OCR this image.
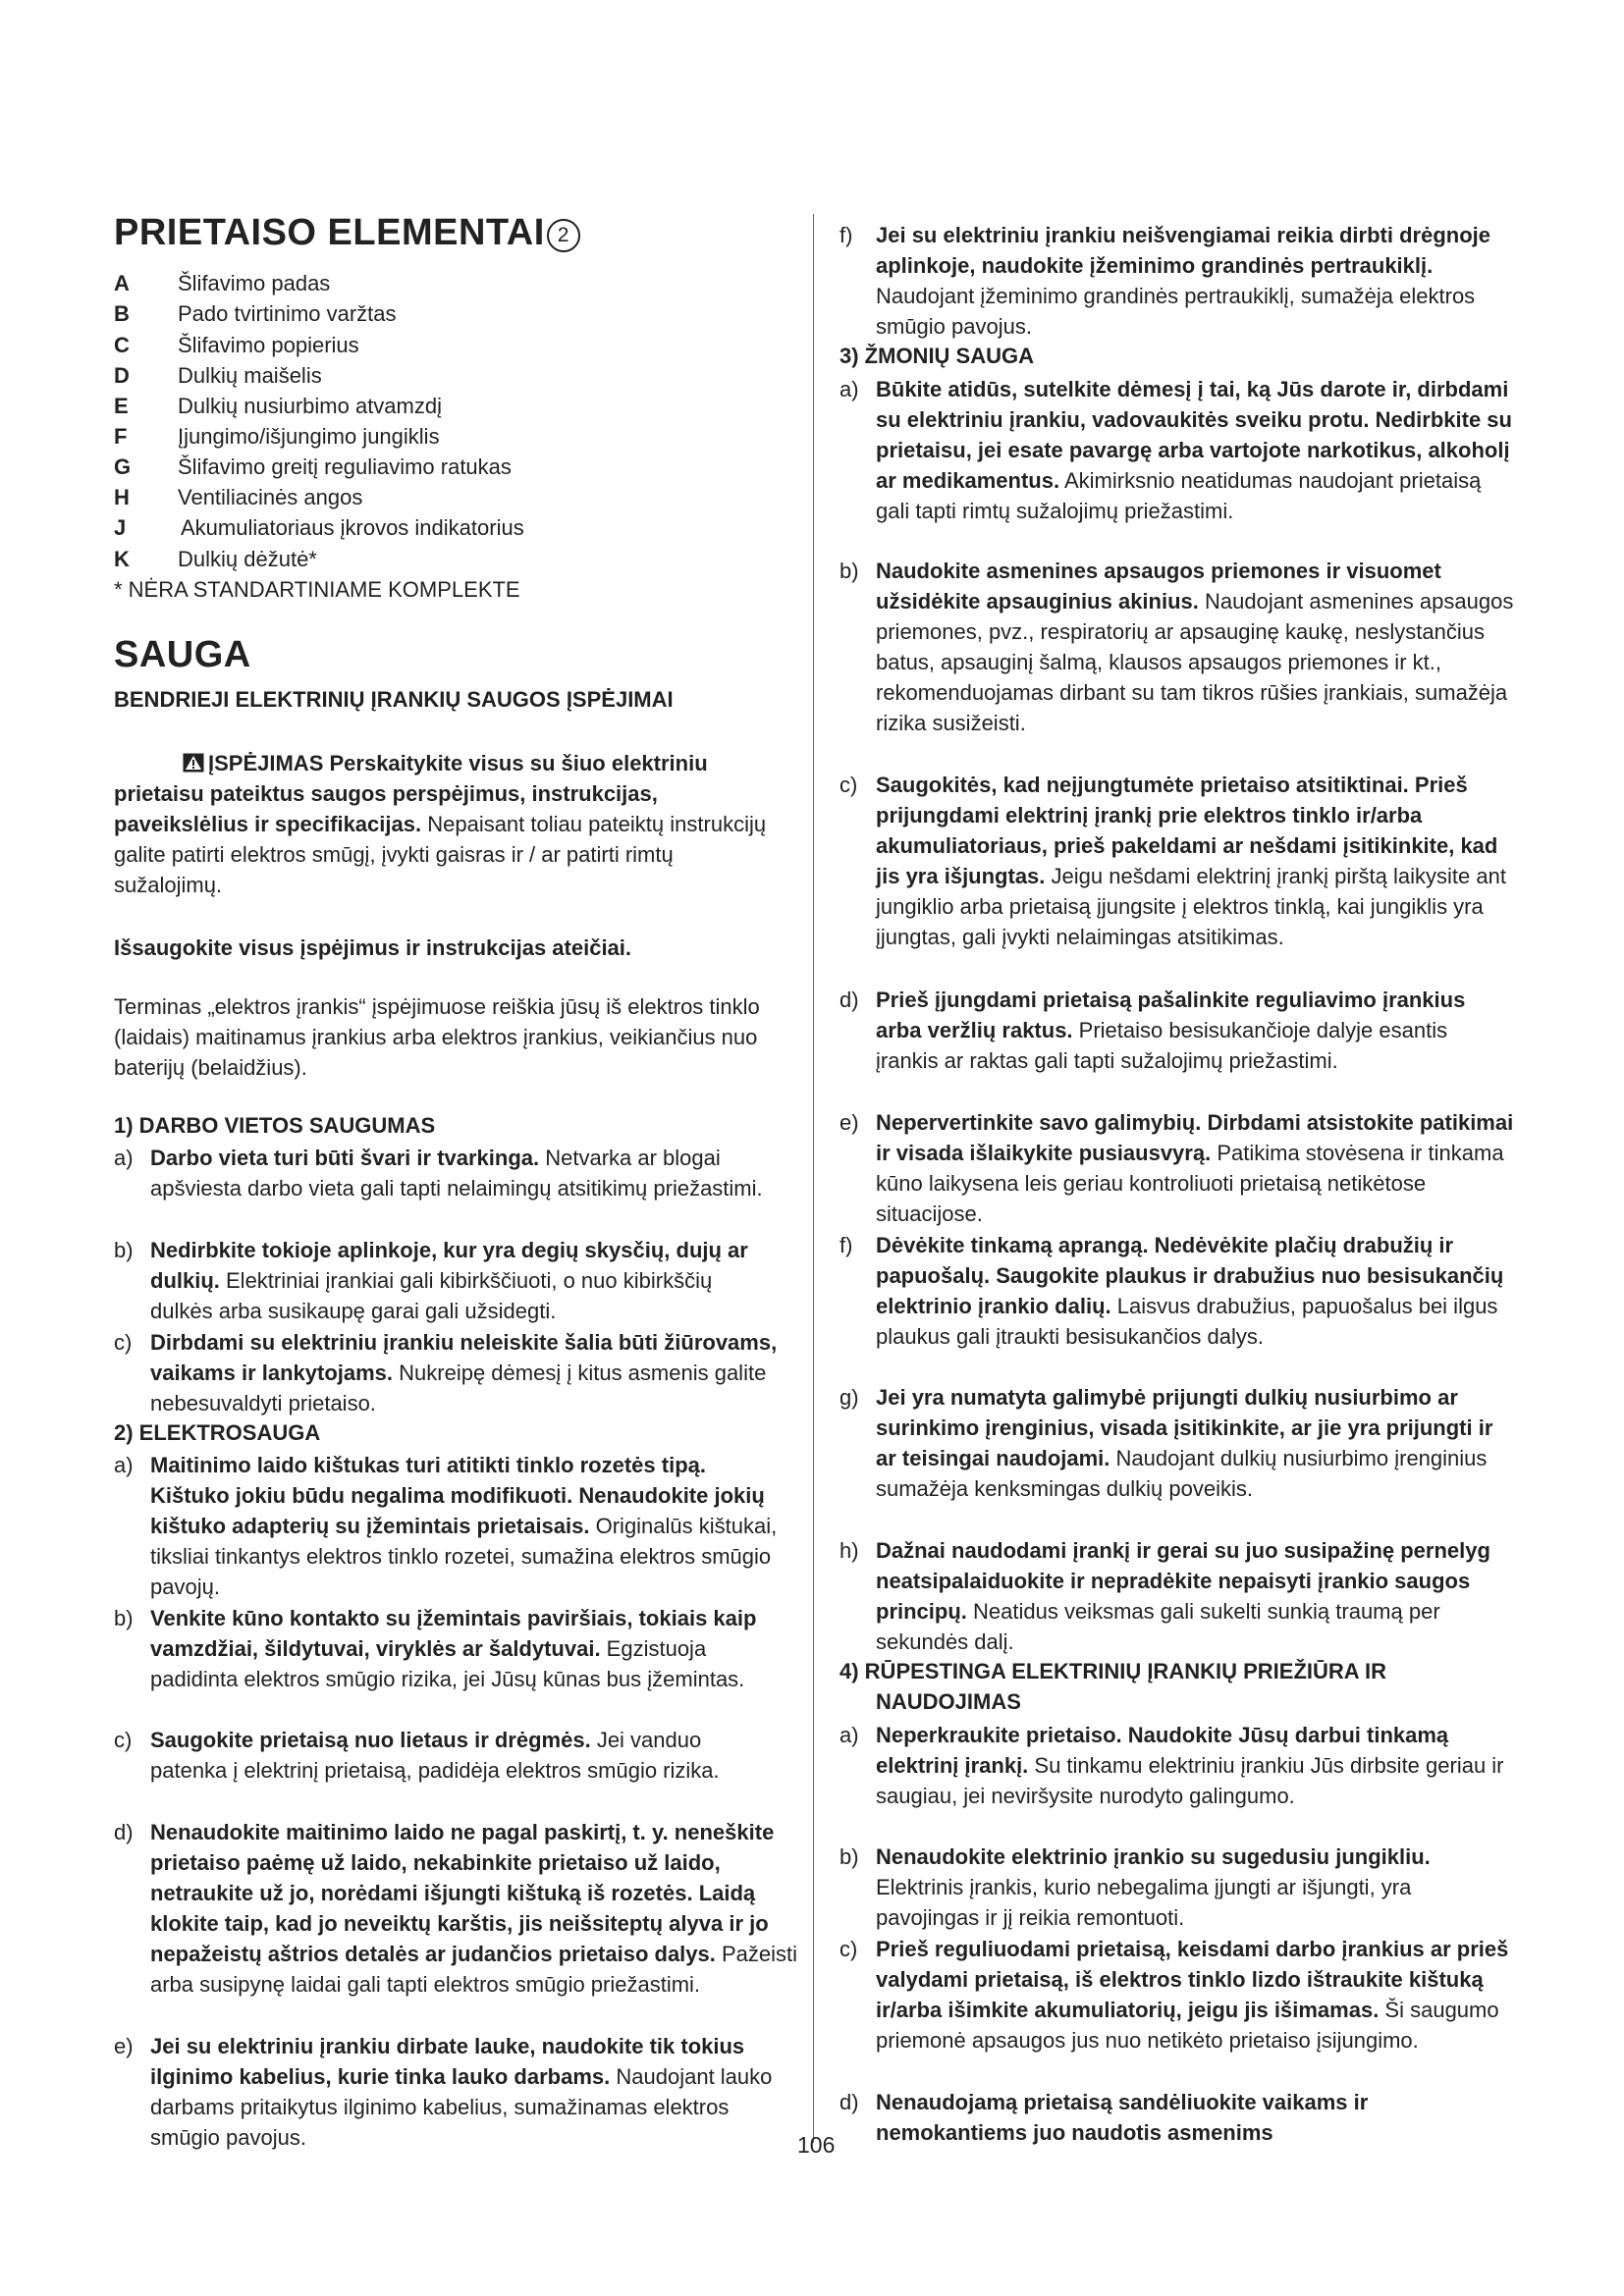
PRIETAISO ELEMENTAI 2
A Šlifavimo padas
B Pado tvirtinimo varžtas
C Šlifavimo popierius
D Dulkių maišelis
E Dulkių nusiurbimo atvamzdį
F Įjungimo/išjungimo jungiklis
G Šlifavimo greitį reguliavimo ratukas
H Ventiliacinės angos
J	Akumuliatoriaus įkrovos indikatorius
K Dulkių dėžutė*
* NĖRA STANDARTINIAME KOMPLEKTE
SAUGA
BENDRIEJI ELEKTRINIŲ ĮRANKIŲ SAUGOS ĮSPĖJIMAI
ĮSPĖJIMAS Perskaitykite visus su šiuo elektriniu prietaisu pateiktus saugos perspėjimus, instrukcijas, paveikslėlius ir specifikacijas. Nepaisant toliau pateiktų instrukcijų galite patirti elektros smūgį, įvykti gaisras ir / ar patirti rimtų sužalojimų.
Išsaugokite visus įspėjimus ir instrukcijas ateičiai.
Terminas „elektros įrankis“ įspėjimuose reiškia jūsų iš elektros tinklo (laidais) maitinamus įrankius arba elektros įrankius, veikiančius nuo baterijų (belaidžius).
1) DARBO VIETOS SAUGUMAS
a) Darbo vieta turi būti švari ir tvarkinga. Netvarka ar blogai apšviesta darbo vieta gali tapti nelaimingų atsitikimų priežastimi.
b) Nedirbkite tokioje aplinkoje, kur yra degių skysčių, dujų ar dulkių. Elektriniai įrankiai gali kibirkščiuoti, o nuo kibirkščių dulkės arba susikaupę garai gali užsidegti.
c) Dirbdami su elektriniu įrankiu neleiskite šalia būti žiūrovams, vaikams ir lankytojams. Nukreipę dėmesį į kitus asmenis galite nebesuvaldyti prietaiso.
2) ELEKTROSAUGA
a) Maitinimo laido kištukas turi atitikti tinklo rozetės tipą. Kištuko jokiu būdu negalima modifikuoti. Nenaudokite jokių kištuko adapterių su įžemintais prietaisais. Originalūs kištukai, tiksliai tinkantys elektros tinklo rozetei, sumažina elektros smūgio pavojų.
b) Venkite kūno kontakto su įžemintais paviršiais, tokiais kaip vamzdžiai, šildytuvai, viryklės ar šaldytuvai. Egzistuoja padidinta elektros smūgio rizika, jei Jūsų kūnas bus įžemintas.
c) Saugokite prietaisą nuo lietaus ir drėgmės. Jei vanduo patenka į elektrinį prietaisą, padidėja elektros smūgio rizika.
d) Nenaudokite maitinimo laido ne pagal paskirtį, t. y. neneškite prietaiso paėmę už laido, nekabinkite prietaiso už laido, netraukite už jo, norėdami išjungti kištuką iš rozetės. Laidą klokite taip, kad jo neveiktų karštis, jis neišsiteptų alyva ir jo nepažeistų aštrios detalės ar judančios prietaiso dalys. Pažeisti arba susipynę laidai gali tapti elektros smūgio priežastimi.
e) Jei su elektriniu įrankiu dirbate lauke, naudokite tik tokius ilginimo kabelius, kurie tinka lauko darbams. Naudojant lauko darbams pritaikytus ilginimo kabelius, sumažinamas elektros smūgio pavojus.
f) Jei su elektriniu įrankiu neišvengiamai reikia dirbti drėgnoje aplinkoje, naudokite įžeminimo grandinės pertraukiklį. Naudojant įžeminimo grandinės pertraukiklį, sumažėja elektros smūgio pavojus.
3) ŽMONIŲ SAUGA
a) Būkite atidūs, sutelkite dėmesį į tai, ką Jūs darote ir, dirbdami su elektriniu įrankiu, vadovaukitės sveiku protu. Nedirbkite su prietaisu, jei esate pavargę arba vartojote narkotikus, alkoholį ar medikamentus. Akimirksnio neatidumas naudojant prietaisą gali tapti rimtų sužalojimų priežastimi.
b) Naudokite asmenines apsaugos priemones ir visuomet užsidėkite apsauginius akinius. Naudojant asmenines apsaugos priemones, pvz., respiratorių ar apsauginę kaukę, neslystančius batus, apsauginį šalmą, klausos apsaugos priemones ir kt., rekomenduojamas dirbant su tam tikros rūšies įrankiais, sumažėja rizika susižeisti.
c) Saugokitės, kad neįjungtumėte prietaiso atsitiktinai. Prieš prijungdami elektrinį įrankį prie elektros tinklo ir/arba akumuliatoriaus, prieš pakeldami ar nešdami įsitikinkite, kad jis yra išjungtas. Jeigu nešdami elektrinį įrankį pirštą laikysite ant jungiklio arba prietaisą įjungsite į elektros tinklą, kai jungiklis yra įjungtas, gali įvykti nelaimingas atsitikimas.
d) Prieš įjungdami prietaisą pašalinkite reguliavimo įrankius arba veržlių raktus. Prietaiso besisukančioje dalyje esantis įrankis ar raktas gali tapti sužalojimų priežastimi.
e) Nepervertinkite savo galimybių. Dirbdami atsistokite patikimai ir visada išlaikykite pusiausvyrą. Patikima stovėsena ir tinkama kūno laikysena leis geriau kontroliuoti prietaisą netikėtose situacijose.
f) Dėvėkite tinkamą aprangą. Nedėvėkite plačių drabužių ir papuošalų. Saugokite plaukus ir drabužius nuo besisukančių elektrinio įrankio dalių. Laisvus drabužius, papuošalus bei ilgus plaukus gali įtraukti besisukančios dalys.
g) Jei yra numatyta galimybė prijungti dulkių nusiurbimo ar surinkimo įrenginius, visada įsitikinkite, ar jie yra prijungti ir ar teisingai naudojami. Naudojant dulkių nusiurbimo įrenginius sumažėja kenksmingas dulkių poveikis.
h) Dažnai naudodami įrankį ir gerai su juo susipažinę pernelyg neatsipalaiduokite ir nepradėkite nepaisyti įrankio saugos principų. Neatidus veiksmas gali sukelti sunkią traumą per sekundės dalį.
4) RŪPESTINGA ELEKTRINIŲ ĮRANKIŲ PRIEŽIŪRA IR
NAUDOJIMAS
a) Neperkraukite prietaiso. Naudokite Jūsų darbui tinkamą elektrinį įrankį. Su tinkamu elektriniu įrankiu Jūs dirbsite geriau ir saugiau, jei neviršysite nurodyto galingumo.
b) Nenaudokite elektrinio įrankio su sugedusiu jungikliu. Elektrinis įrankis, kurio nebegalima įjungti ar išjungti, yra pavojingas ir jį reikia remontuoti.
c) Prieš reguliuodami prietaisą, keisdami darbo įrankius ar prieš valydami prietaisą, iš elektros tinklo lizdo ištraukite kištuką ir/arba išimkite akumuliatorių, jeigu jis išimamas. Ši saugumo priemonė apsaugos jus nuo netikėto prietaiso įsijungimo.
d) Nenaudojamą prietaisą sandėliuokite vaikams ir nemokantiems juo naudotis asmenims
106
